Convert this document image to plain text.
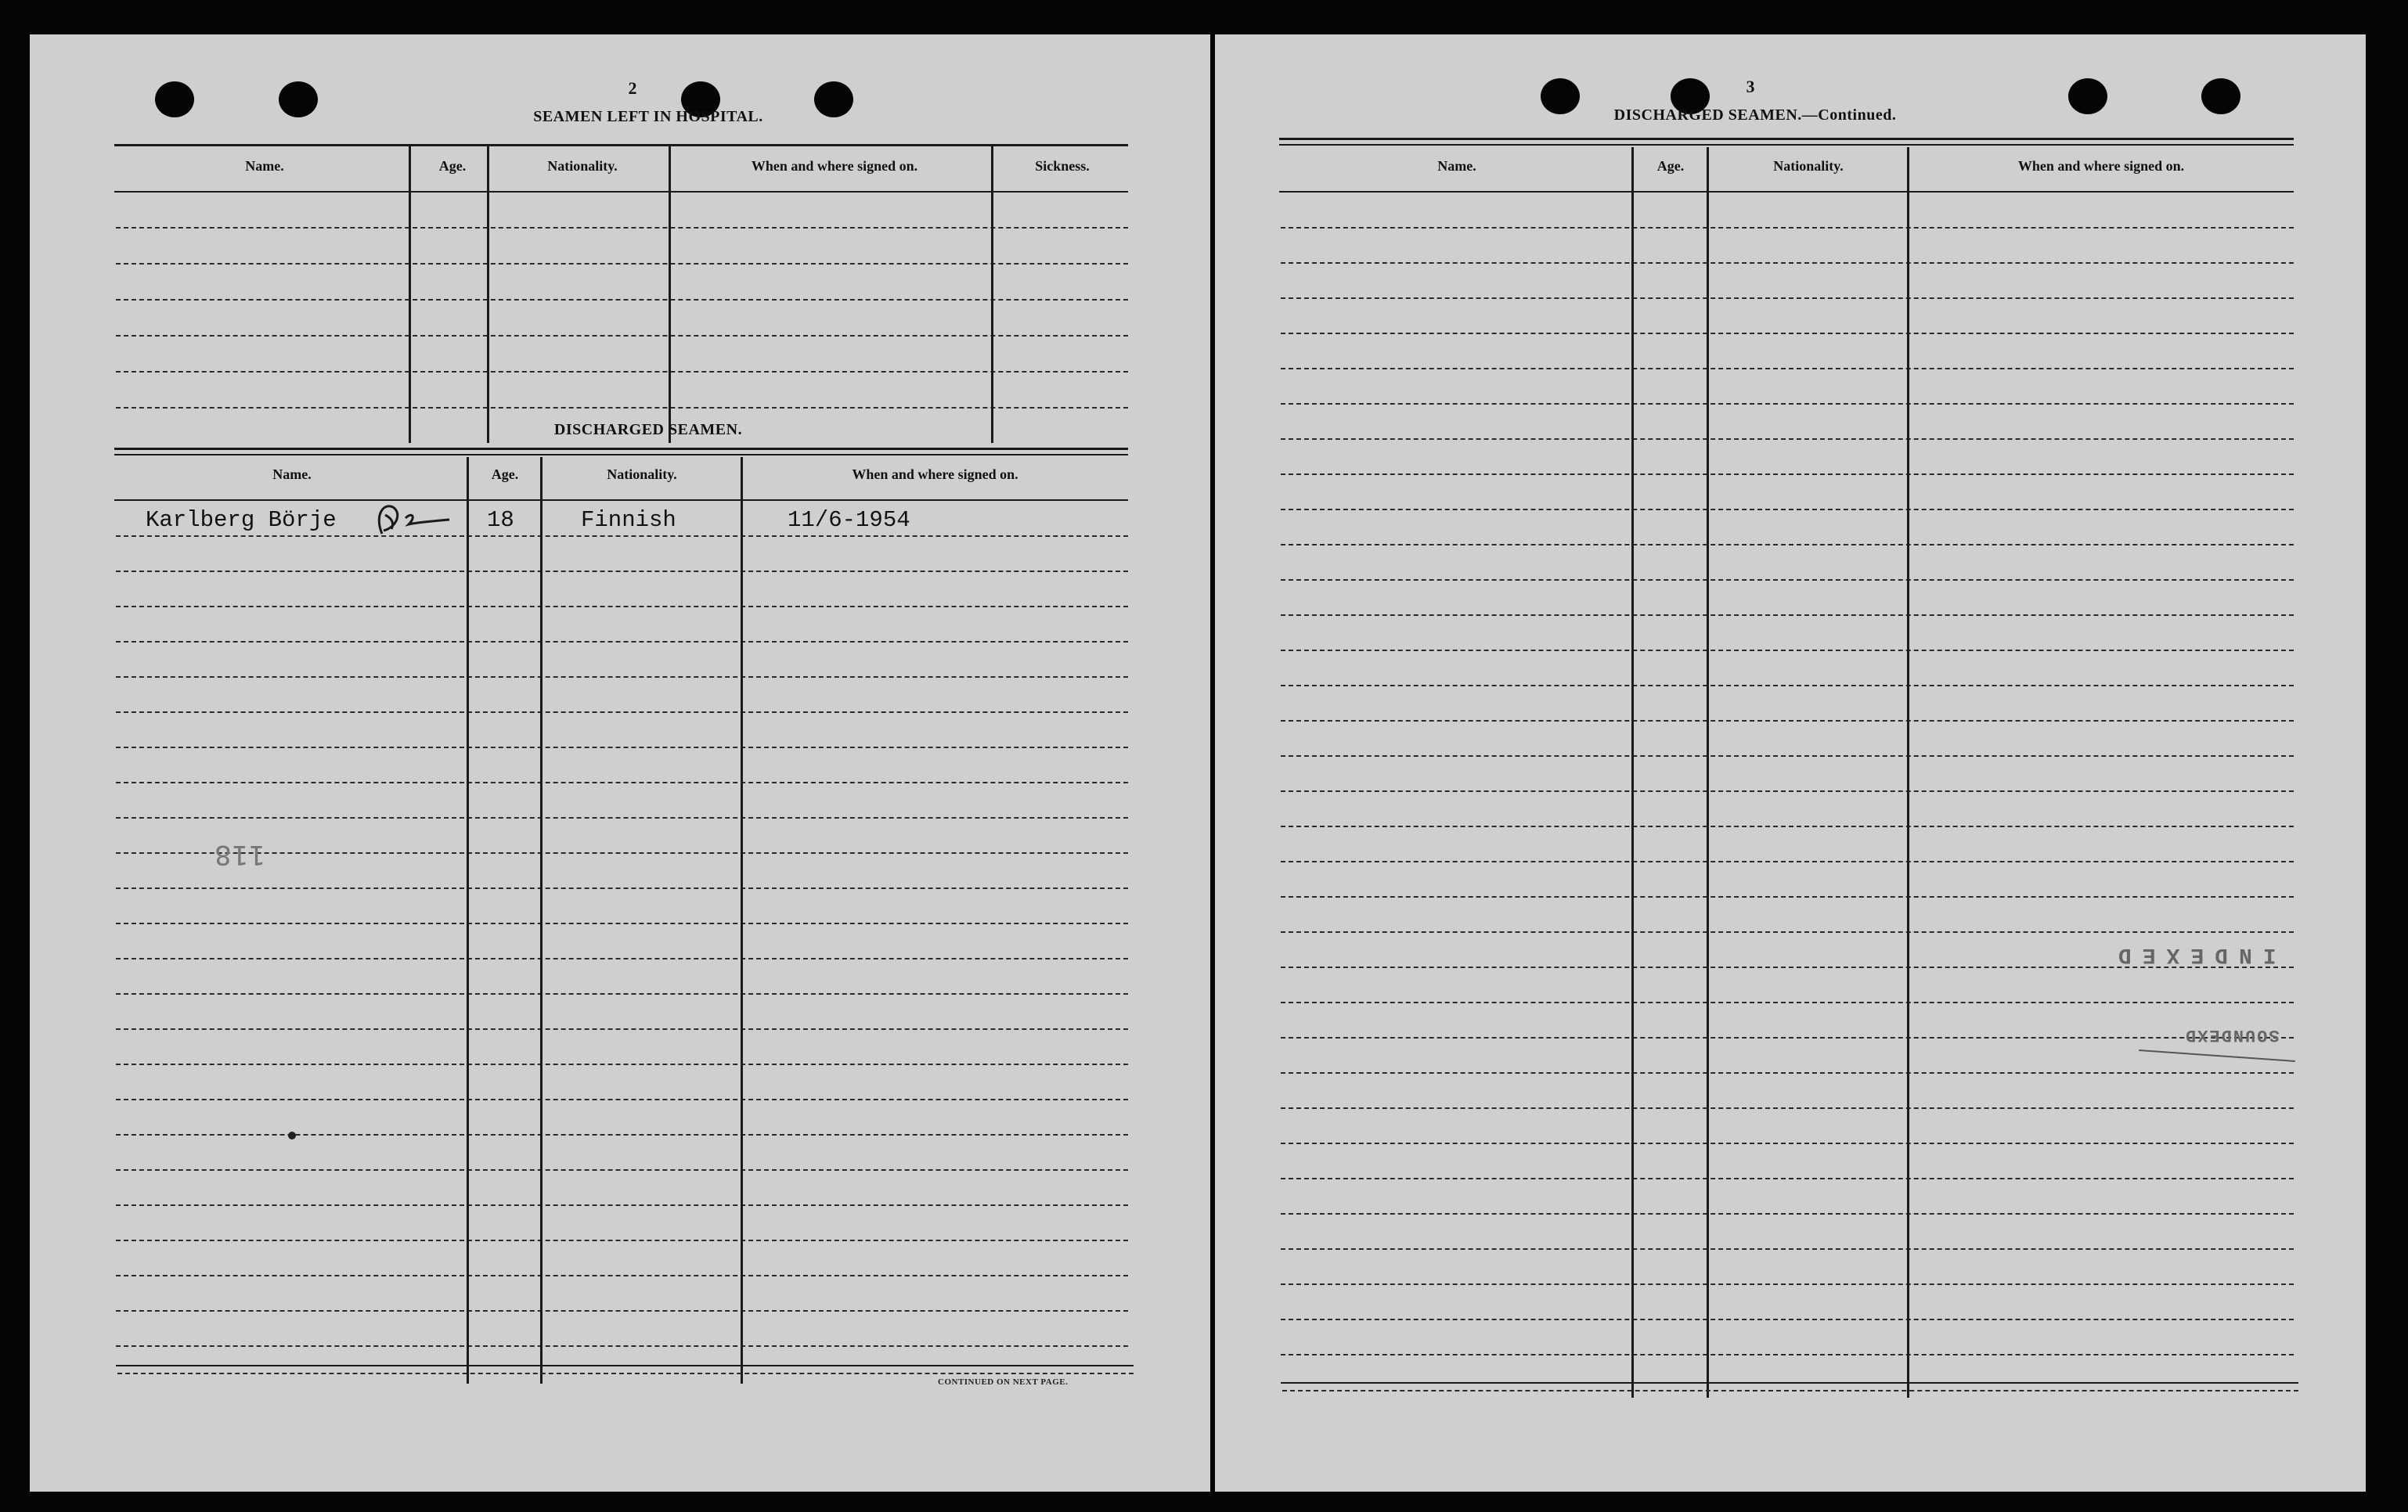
2
SEAMEN LEFT IN HOSPITAL.
Name.	Age.	Nationality.	When and where signed on.	Sickness.
DISCHARGED SEAMEN.
Name.	Age.	Nationality.	When and where signed on.
Karlberg Börje	18	Finnish	11/6-1954
118
CONTINUED ON NEXT PAGE.
3
DISCHARGED SEAMEN.—Continued.
Name.	Age.	Nationality.	When and where signed on.
INDEXED
SOUNDEXD
